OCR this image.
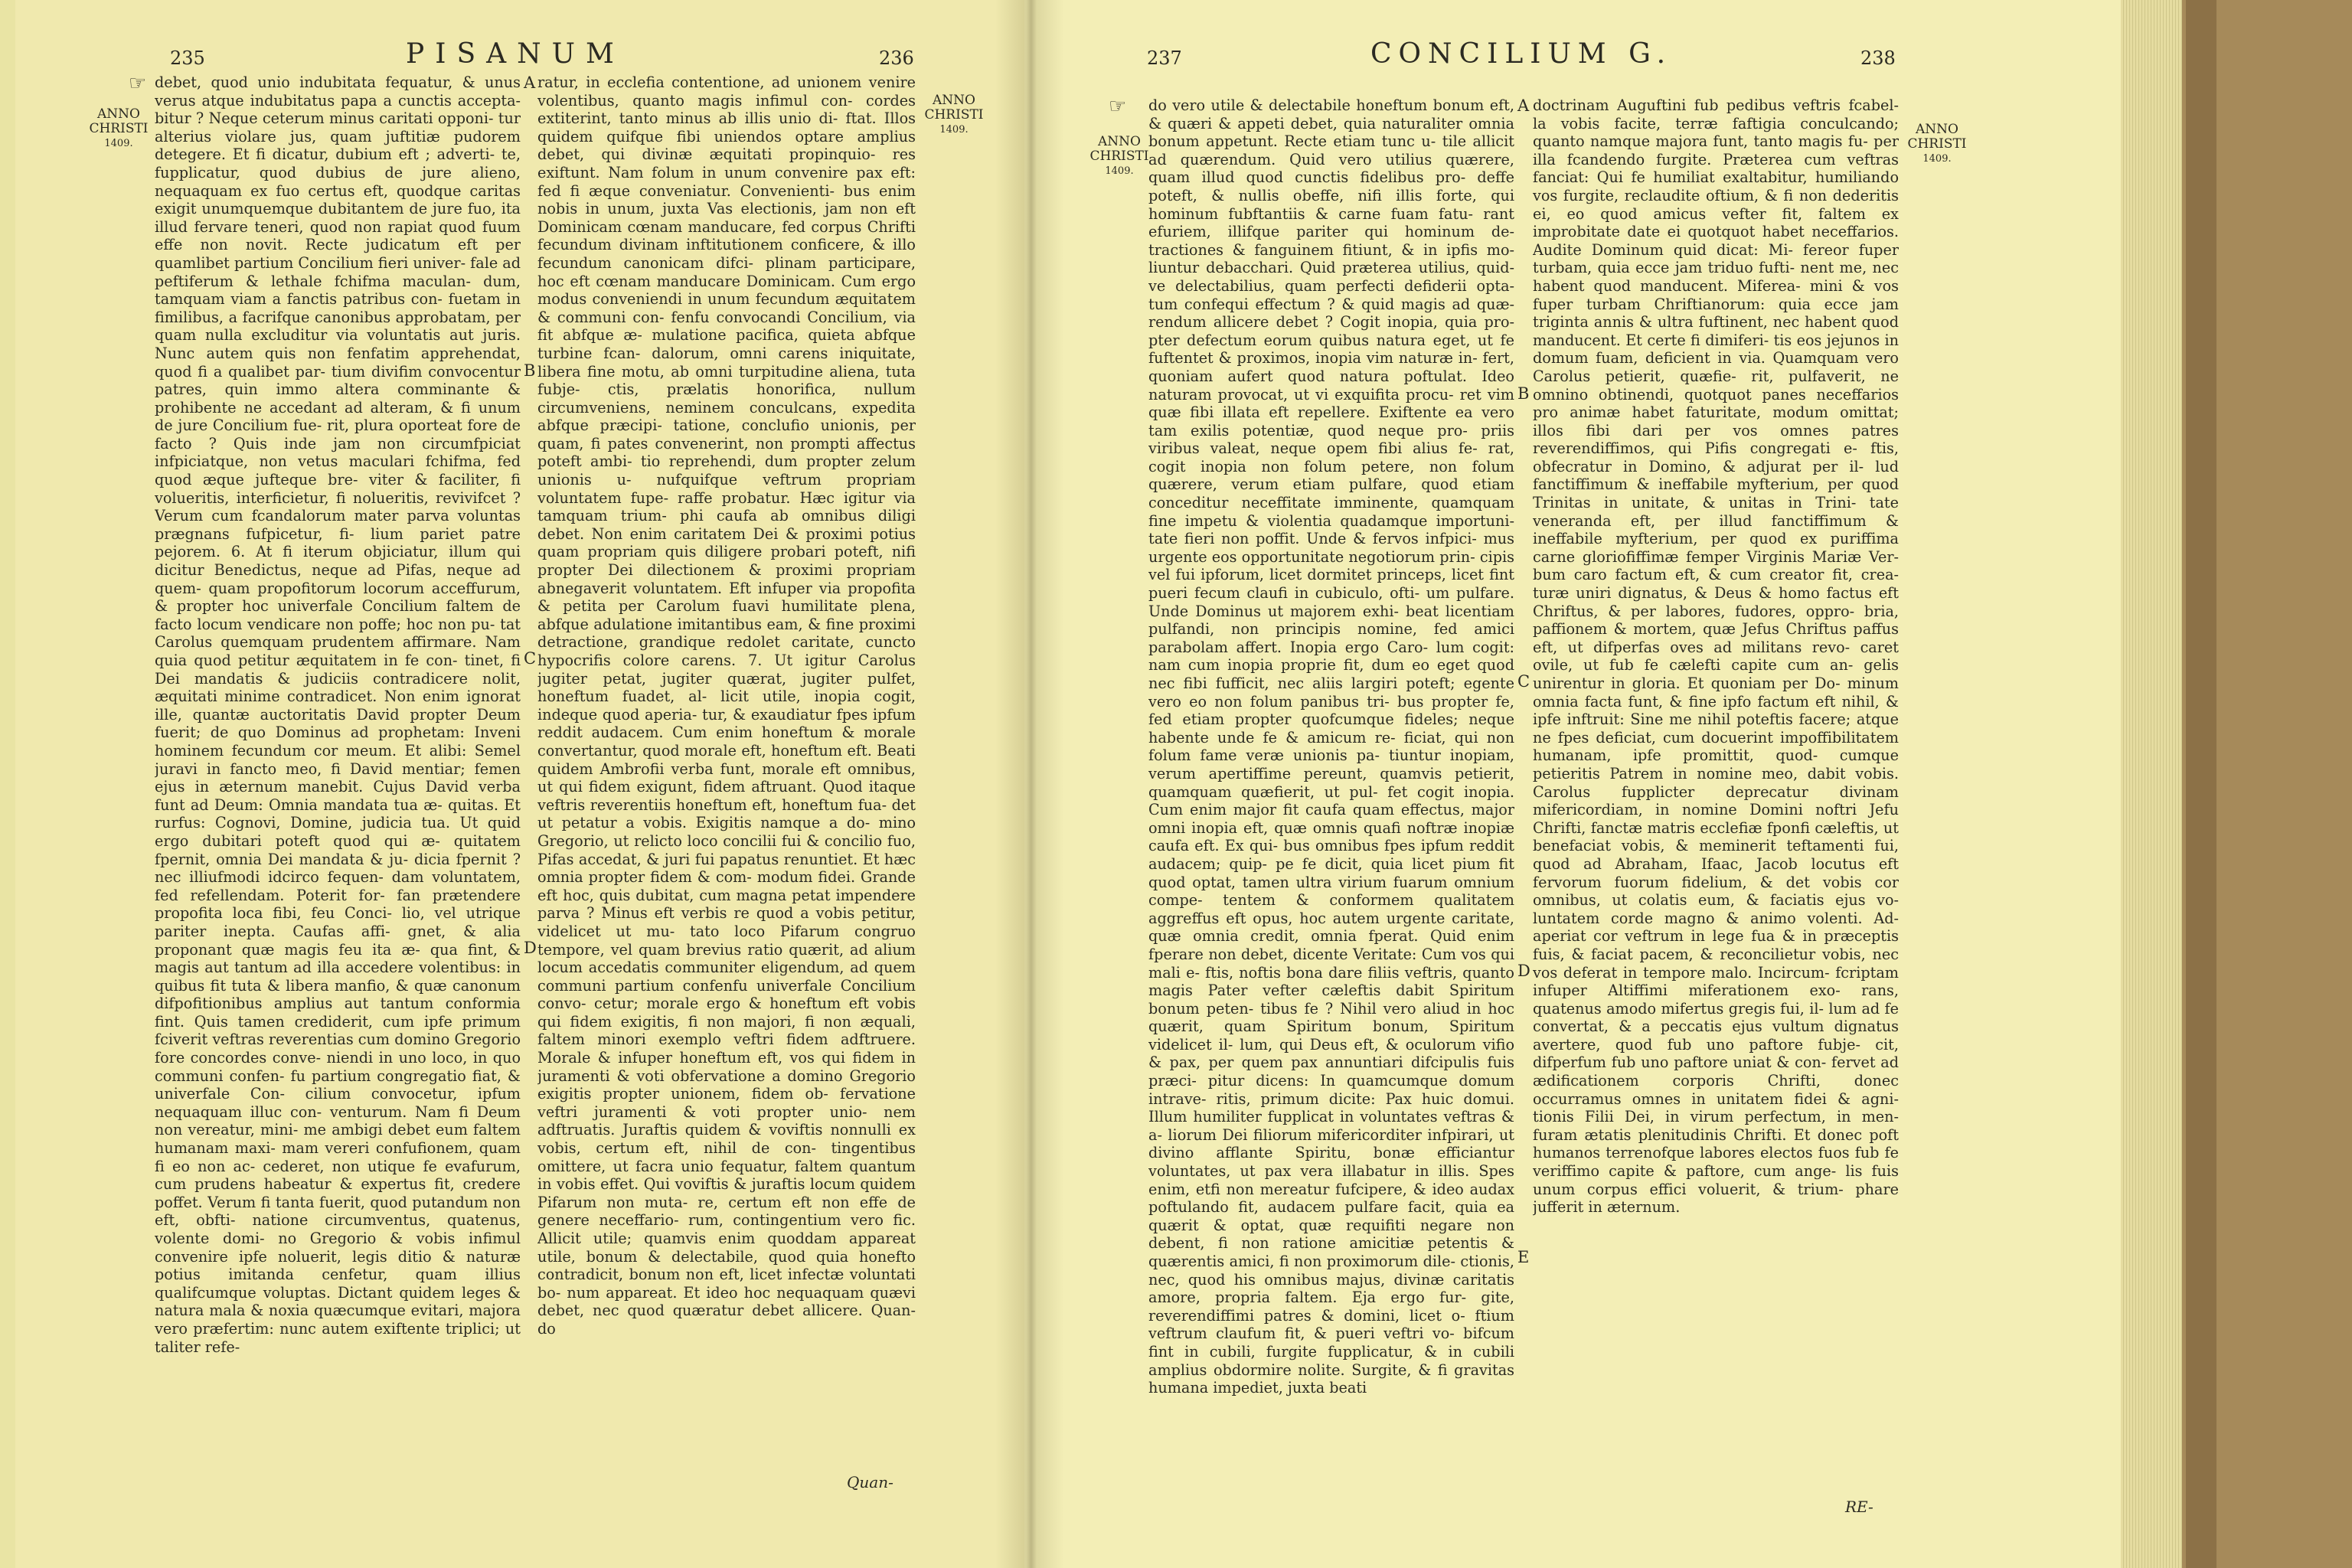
235	PISANUM	236	237	CONCILIUM G.	238
☞
☞
ANNO
CHRISTI
1409.
ANNO
CHRISTI
1409.
ANNO
CHRISTI
1409.
ANNO
CHRISTI
1409.
A
B
C
D
A
B
C
D
E

debet, quod unio indubitata fequatur, & unus verus atque indubitatus papa a cunctis accepta- bitur ? Neque ceterum minus caritati opponi- tur alterius violare jus, quam juftitiæ pudorem detegere. Et fi dicatur, dubium eft ; adverti- te, fupplicatur, quod dubius de jure alieno, nequaquam ex fuo certus eft, quodque caritas exigit unumquemque dubitantem de jure fuo, ita illud fervare teneri, quod non rapiat quod fuum effe non novit. Recte judicatum eft per quamlibet partium Concilium fieri univer- fale ad peftiferum & lethale fchifma maculan- dum, tamquam viam a fanctis patribus con- fuetam in fimilibus, a facrifque canonibus approbatam, per quam nulla excluditur via voluntatis aut juris. Nunc autem quis non fenfatim apprehendat, quod fi a qualibet par- tium divifim convocentur patres, quin immo altera comminante & prohibente ne accedant ad alteram, & fi unum de jure Concilium fue- rit, plura oporteat fore de facto ? Quis inde jam non circumfpiciat infpiciatque, non vetus maculari fchifma, fed quod æque jufteque bre- viter & faciliter, fi volueritis, interficietur, fi nolueritis, revivifcet ? Verum cum fcandalorum mater parva voluntas prægnans fufpicetur, fi- lium pariet patre pejorem. 6. At fi iterum objiciatur, illum qui dicitur Benedictus, neque ad Pifas, neque ad quem- quam propofitorum locorum acceffurum, & propter hoc univerfale Concilium faltem de facto locum vendicare non poffe; hoc non pu- tat Carolus quemquam prudentem affirmare. Nam quia quod petitur æquitatem in fe con- tinet, fi Dei mandatis & judiciis contradicere nolit, æquitati minime contradicet. Non enim ignorat ille, quantæ auctoritatis David propter Deum fuerit; de quo Dominus ad prophetam: Inveni hominem fecundum cor meum. Et alibi: Semel juravi in fancto meo, fi David mentiar; femen ejus in æternum manebit. Cujus David verba funt ad Deum: Omnia mandata tua æ- quitas. Et rurfus: Cognovi, Domine, judicia tua. Ut quid ergo dubitari poteft quod qui æ- quitatem fpernit, omnia Dei mandata & ju- dicia fpernit ? nec illiufmodi idcirco fequen- dam voluntatem, fed refellendam. Poterit for- fan prætendere propofita loca fibi, feu Conci- lio, vel utrique pariter inepta. Caufas affi- gnet, & alia proponant quæ magis feu ita æ- qua fint, & magis aut tantum ad illa accedere volentibus: in quibus fit tuta & libera manfio, & quæ canonum difpofitionibus amplius aut tantum conformia fint. Quis tamen crediderit, cum ipfe primum fciverit veftras reverentias cum domino Gregorio fore concordes conve- niendi in uno loco, in quo communi confen- fu partium congregatio fiat, & univerfale Con- cilium convocetur, ipfum nequaquam illuc con- venturum. Nam fi Deum non vereatur, mini- me ambigi debet eum faltem humanam maxi- mam vereri confufionem, quam fi eo non ac- cederet, non utique fe evafurum, cum prudens habeatur & expertus fit, credere poffet. Verum fi tanta fuerit, quod putandum non eft, obfti- natione circumventus, quatenus, volente domi- no Gregorio & vobis infimul convenire ipfe noluerit, legis ditio & naturæ potius imitanda cenfetur, quam illius qualifcumque voluptas. Dictant quidem leges & natura mala & noxia quæcumque evitari, majora vero præfertim: nunc autem exiftente triplici; ut taliter refe-

ratur, in ecclefia contentione, ad unionem venire volentibus, quanto magis infimul con- cordes extiterint, tanto minus ab illis unio di- ftat. Illos quidem quifque fibi uniendos optare amplius debet, qui divinæ æquitati propinquio- res exiftunt. Nam folum in unum convenire pax eft: fed fi æque conveniatur. Convenienti- bus enim nobis in unum, juxta Vas electionis, jam non eft Dominicam cœnam manducare, fed corpus Chrifti fecundum divinam inftitutionem conficere, & illo fecundum canonicam difci- plinam participare, hoc eft cœnam manducare Dominicam. Cum ergo modus conveniendi in unum fecundum æquitatem & communi con- fenfu convocandi Concilium, via fit abfque æ- mulatione pacifica, quieta abfque turbine fcan- dalorum, omni carens iniquitate, libera fine motu, ab omni turpitudine aliena, tuta fubje- ctis, prælatis honorifica, nullum circumveniens, neminem conculcans, expedita abfque præcipi- tatione, conclufio unionis, per quam, fi pates convenerint, non prompti affectus poteft ambi- tio reprehendi, dum propter zelum unionis u- nufquifque veftrum propriam voluntatem fupe- raffe probatur. Hæc igitur via tamquam trium- phi caufa ab omnibus diligi debet. Non enim caritatem Dei & proximi potius quam propriam quis diligere probari poteft, nifi propter Dei dilectionem & proximi propriam abnegaverit voluntatem. Eft infuper via propofita & petita per Carolum fuavi humilitate plena, abfque adulatione imitantibus eam, & fine proximi detractione, grandique redolet caritate, cuncto hypocrifis colore carens. 7. Ut igitur Carolus jugiter petat, jugiter quærat, jugiter pulfet, honeftum fuadet, al- licit utile, inopia cogit, indeque quod aperia- tur, & exaudiatur fpes ipfum reddit audacem. Cum enim honeftum & morale convertantur, quod morale eft, honeftum eft. Beati quidem Ambrofii verba funt, morale eft omnibus, ut qui fidem exigunt, fidem aftruant. Quod itaque veftris reverentiis honeftum eft, honeftum fua- det ut petatur a vobis. Exigitis namque a do- mino Gregorio, ut relicto loco concilii fui & concilio fuo, Pifas accedat, & juri fui papatus renuntiet. Et hæc omnia propter fidem & com- modum fidei. Grande eft hoc, quis dubitat, cum magna petat impendere parva ? Minus eft verbis re quod a vobis petitur, videlicet ut mu- tato loco Pifarum congruo tempore, vel quam brevius ratio quærit, ad alium locum accedatis communiter eligendum, ad quem communi partium confenfu univerfale Concilium convo- cetur; morale ergo & honeftum eft vobis qui fidem exigitis, fi non majori, fi non æquali, faltem minori exemplo veftri fidem adftruere. Morale & infuper honeftum eft, vos qui fidem in juramenti & voti obfervatione a domino Gregorio exigitis propter unionem, fidem ob- fervatione veftri juramenti & voti propter unio- nem adftruatis. Juraftis quidem & voviftis nonnulli ex vobis, certum eft, nihil de con- tingentibus omittere, ut facra unio fequatur, faltem quantum in vobis effet. Qui voviftis & juraftis locum quidem Pifarum non muta- re, certum eft non effe de genere neceffario- rum, contingentium vero fic. Allicit utile; quamvis enim quoddam appareat utile, bonum & delectabile, quod quia honefto contradicit, bonum non eft, licet infectæ voluntati bo- num appareat. Et ideo hoc nequaquam quævi debet, nec quod quæratur debet allicere. Quan- do

Quan-

do vero utile & delectabile honeftum bonum eft, & quæri & appeti debet, quia naturaliter omnia bonum appetunt. Recte etiam tunc u- tile allicit ad quærendum. Quid vero utilius quærere, quam illud quod cunctis fidelibus pro- deffe poteft, & nullis obeffe, nifi illis forte, qui hominum fubftantiis & carne fuam fatu- rant efuriem, illifque pariter qui hominum de- tractiones & fanguinem fitiunt, & in ipfis mo- liuntur debacchari. Quid præterea utilius, quid- ve delectabilius, quam perfecti defiderii opta- tum confequi effectum ? & quid magis ad quæ- rendum allicere debet ? Cogit inopia, quia pro- pter defectum eorum quibus natura eget, ut fe fuftentet & proximos, inopia vim naturæ in- fert, quoniam aufert quod natura poftulat. Ideo naturam provocat, ut vi exquifita procu- ret vim quæ fibi illata eft repellere. Exiftente ea vero tam exilis potentiæ, quod neque pro- priis viribus valeat, neque opem fibi alius fe- rat, cogit inopia non folum petere, non folum quærere, verum etiam pulfare, quod etiam conceditur neceffitate imminente, quamquam fine impetu & violentia quadamque importuni- tate fieri non poffit. Unde & fervos infpici- mus urgente eos opportunitate negotiorum prin- cipis vel fui ipforum, licet dormitet princeps, licet fint pueri fecum claufi in cubiculo, ofti- um pulfare. Unde Dominus ut majorem exhi- beat licentiam pulfandi, non principis nomine, fed amici parabolam affert. Inopia ergo Caro- lum cogit: nam cum inopia proprie fit, dum eo eget quod nec fibi fufficit, nec aliis largiri poteft; egente vero eo non folum panibus tri- bus propter fe, fed etiam propter quofcumque fideles; neque habente unde fe & amicum re- ficiat, qui non folum fame veræ unionis pa- tiuntur inopiam, verum apertiffime pereunt, quamvis petierit, quamquam quæfierit, ut pul- fet cogit inopia. Cum enim major fit caufa quam effectus, major omni inopia eft, quæ omnis quafi noftræ inopiæ caufa eft. Ex qui- bus omnibus fpes ipfum reddit audacem; quip- pe fe dicit, quia licet pium fit quod optat, tamen ultra virium fuarum omnium compe- tentem & conformem qualitatem aggreffus eft opus, hoc autem urgente caritate, quæ omnia credit, omnia fperat. Quid enim fperare non debet, dicente Veritate: Cum vos qui mali e- ftis, noftis bona dare filiis veftris, quanto magis Pater vefter cæleftis dabit Spiritum bonum peten- tibus fe ? Nihil vero aliud in hoc quærit, quam Spiritum bonum, Spiritum videlicet il- lum, qui Deus eft, & oculorum vifio & pax, per quem pax annuntiari difcipulis fuis præci- pitur dicens: In quamcumque domum intrave- ritis, primum dicite: Pax huic domui. Illum humiliter fupplicat in voluntates veftras & a- liorum Dei filiorum mifericorditer infpirari, ut divino afflante Spiritu, bonæ efficiantur voluntates, ut pax vera illabatur in illis. Spes enim, etfi non mereatur fufcipere, & ideo audax poftulando fit, audacem pulfare facit, quia ea quærit & optat, quæ requifiti negare non debent, fi non ratione amicitiæ petentis & quærentis amici, fi non proximorum dile- ctionis, nec, quod his omnibus majus, divinæ caritatis amore, propria faltem. Eja ergo fur- gite, reverendiffimi patres & domini, licet o- ftium veftrum claufum fit, & pueri veftri vo- bifcum fint in cubili, furgite fupplicatur, & in cubili amplius obdormire nolite. Surgite, & fi gravitas humana impediet, juxta beati

doctrinam Auguftini fub pedibus veftris fcabel- la vobis facite, terræ faftigia conculcando; quanto namque majora funt, tanto magis fu- per illa fcandendo furgite. Præterea cum veftras fanciat: Qui fe humiliat exaltabitur, humiliando vos furgite, reclaudite oftium, & fi non dederitis ei, eo quod amicus vefter fit, faltem ex improbitate date ei quotquot habet neceffarios. Audite Dominum quid dicat: Mi- fereor fuper turbam, quia ecce jam triduo fufti- nent me, nec habent quod manducent. Miferea- mini & vos fuper turbam Chriftianorum: quia ecce jam triginta annis & ultra fuftinent, nec habent quod manducent. Et certe fi dimiferi- tis eos jejunos in domum fuam, deficient in via. Quamquam vero Carolus petierit, quæfie- rit, pulfaverit, ne omnino obtinendi, quotquot panes neceffarios pro animæ habet faturitate, modum omittat; illos fibi dari per vos omnes patres reverendiffimos, qui Pifis congregati e- ftis, obfecratur in Domino, & adjurat per il- lud fanctiffimum & ineffabile myfterium, per quod Trinitas in unitate, & unitas in Trini- tate veneranda eft, per illud fanctiffimum & ineffabile myfterium, per quod ex puriffima carne gloriofiffimæ femper Virginis Mariæ Ver- bum caro factum eft, & cum creator fit, crea- turæ uniri dignatus, & Deus & homo factus eft Chriftus, & per labores, fudores, oppro- bria, paffionem & mortem, quæ Jefus Chriftus paffus eft, ut difperfas oves ad militans revo- caret ovile, ut fub fe cælefti capite cum an- gelis unirentur in gloria. Et quoniam per Do- minum omnia facta funt, & fine ipfo factum eft nihil, & ipfe inftruit: Sine me nihil poteftis facere; atque ne fpes deficiat, cum docuerint impoffibilitatem humanam, ipfe promittit, quod- cumque petieritis Patrem in nomine meo, dabit vobis. Carolus fupplicter deprecatur divinam mifericordiam, in nomine Domini noftri Jefu Chrifti, fanctæ matris ecclefiæ fponfi cæleftis, ut benefaciat vobis, & meminerit teftamenti fui, quod ad Abraham, Ifaac, Jacob locutus eft fervorum fuorum fidelium, & det vobis cor omnibus, ut colatis eum, & faciatis ejus vo- luntatem corde magno & animo volenti. Ad- aperiat cor veftrum in lege fua & in præceptis fuis, & faciat pacem, & reconcilietur vobis, nec vos deferat in tempore malo. Incircum- fcriptam infuper Altiffimi miferationem exo- rans, quatenus amodo mifertus gregis fui, il- lum ad fe convertat, & a peccatis ejus vultum dignatus avertere, quod fub uno paftore fubje- cit, difperfum fub uno paftore uniat & con- fervet ad ædificationem corporis Chrifti, donec occurramus omnes in unitatem fidei & agni- tionis Filii Dei, in virum perfectum, in men- furam ætatis plenitudinis Chrifti. Et donec poft humanos terrenofque labores electos fuos fub fe veriffimo capite & paftore, cum ange- lis fuis unum corpus effici voluerit, & trium- phare jufferit in æternum.

RE-
